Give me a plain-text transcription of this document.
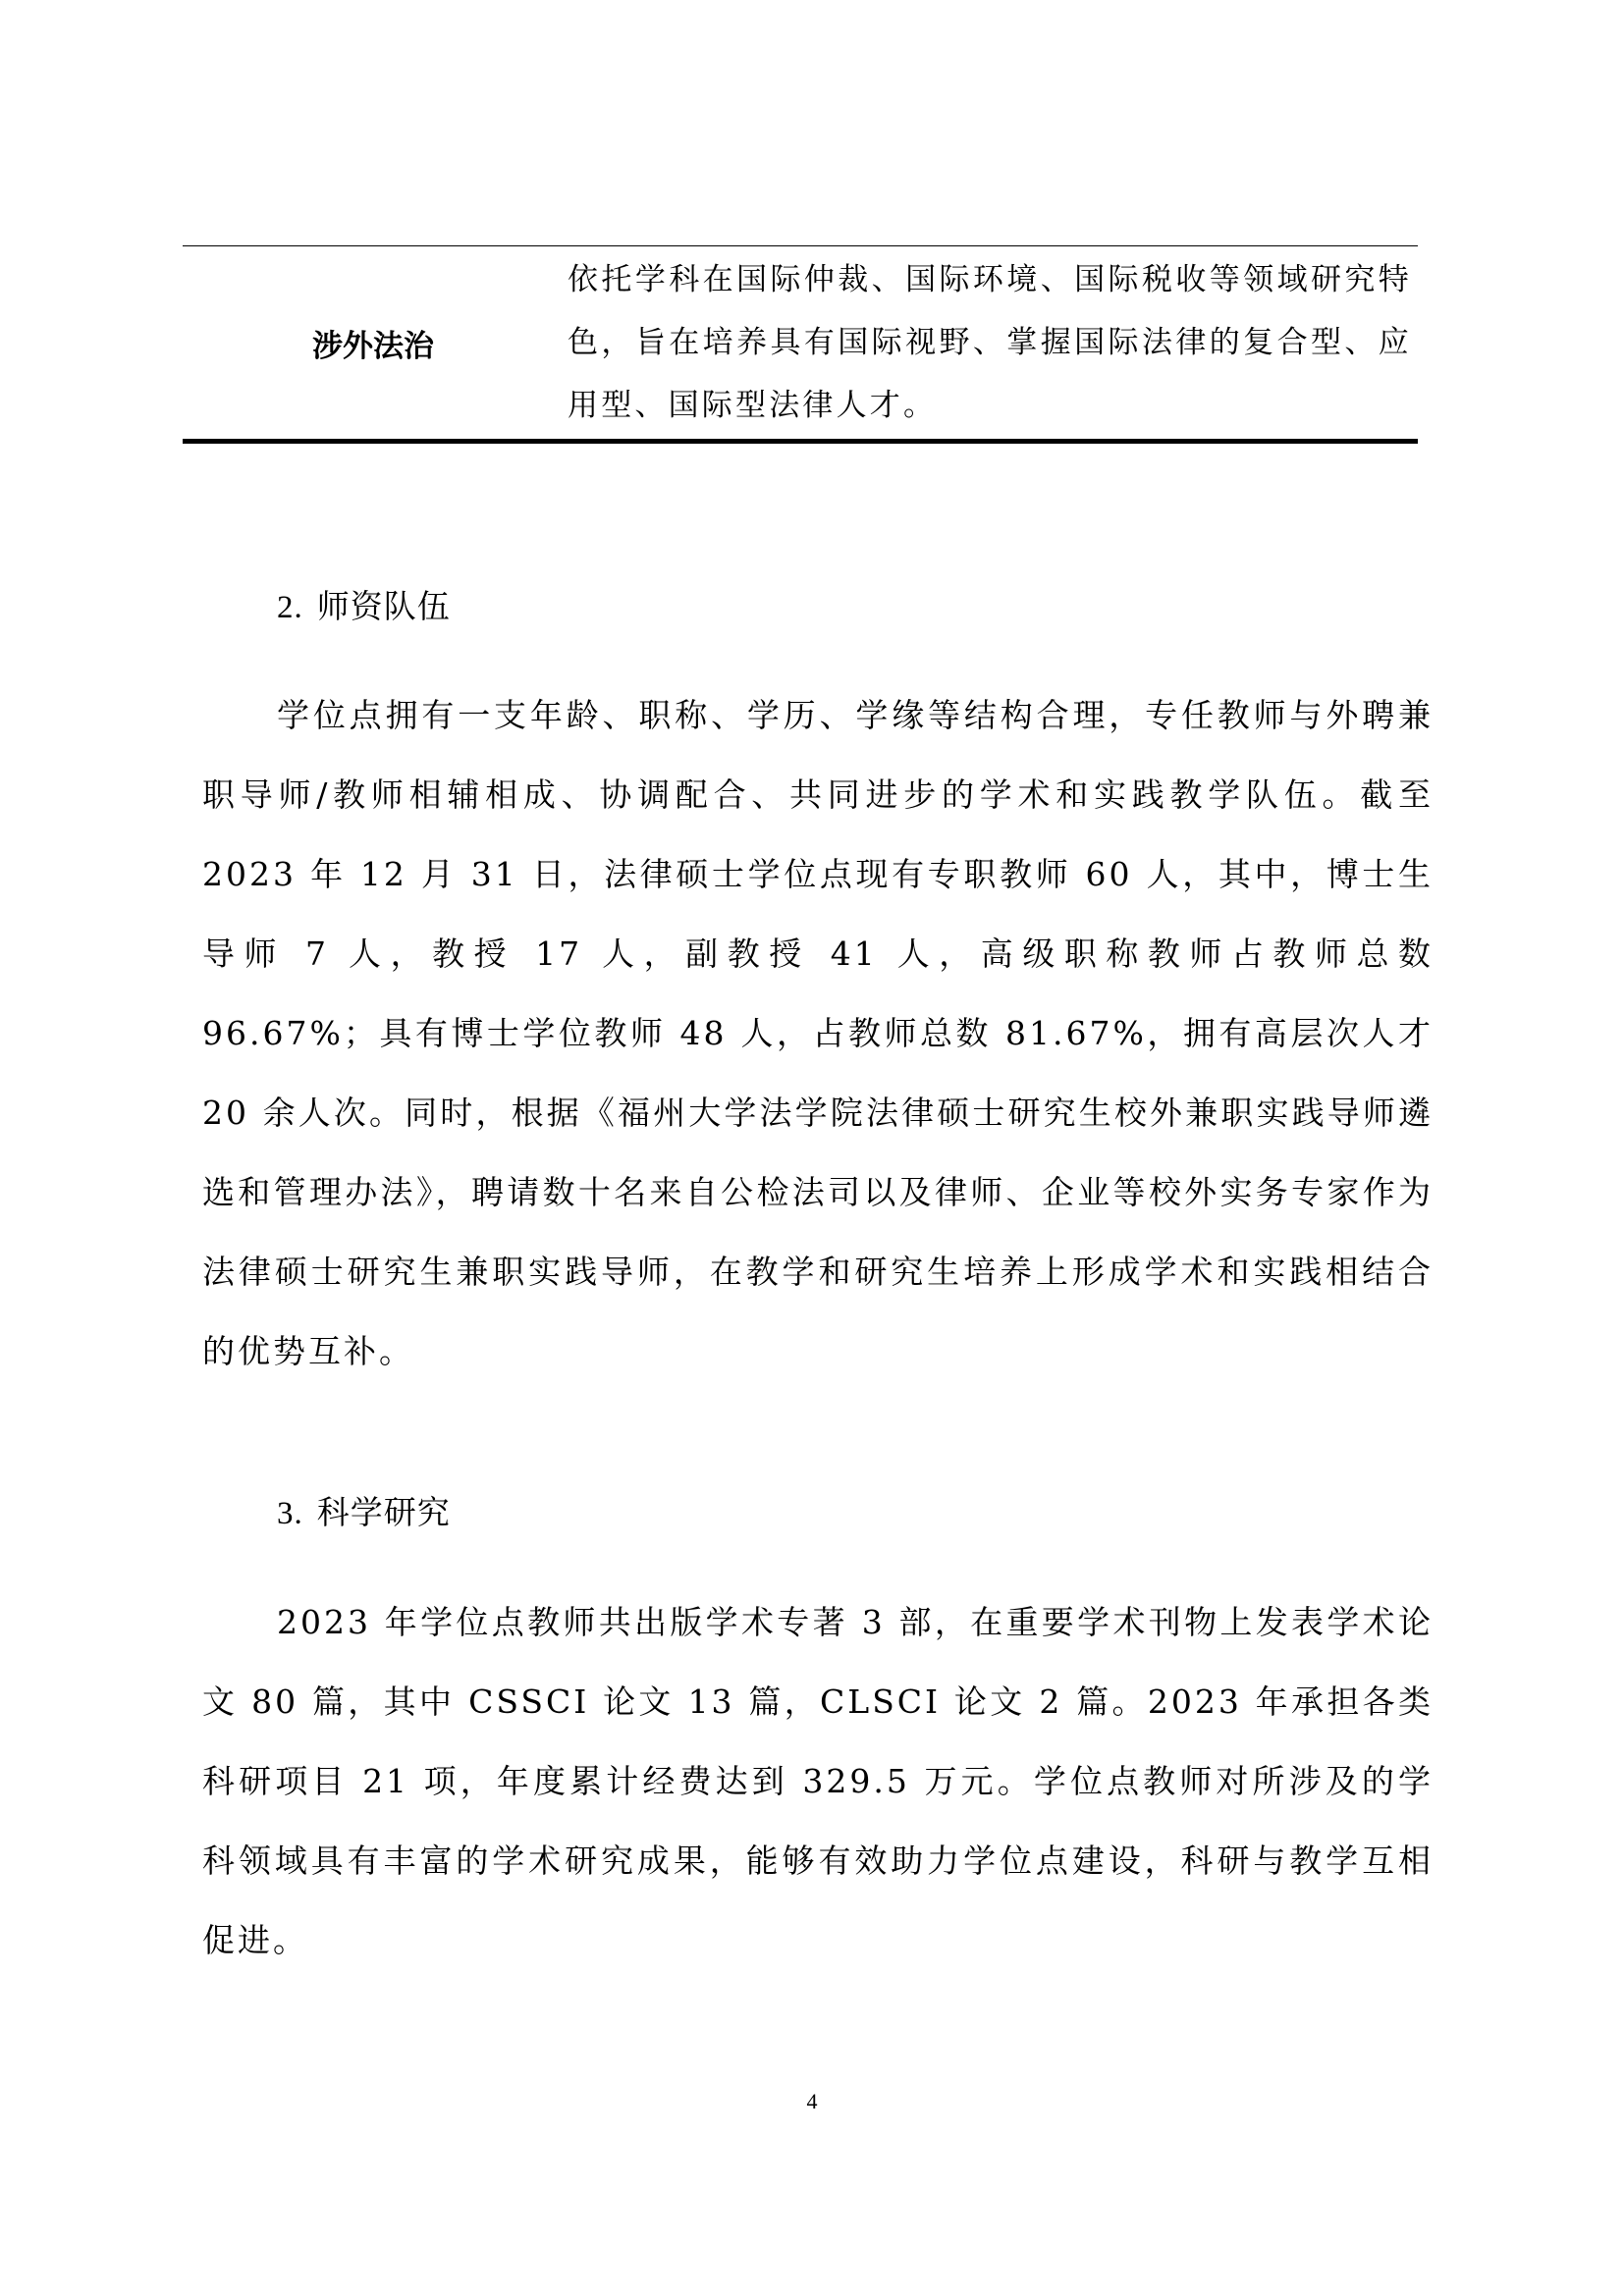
涉外法治
依托学科在国际仲裁、国际环境、国际税收等领域研究特色，旨在培养具有国际视野、掌握国际法律的复合型、应用型、国际型法律人才。
2. 师资队伍

学位点拥有一支年龄、职称、学历、学缘等结构合理，专任教师与外聘兼职导师/教师相辅相成、协调配合、共同进步的学术和实践教学队伍。截至 2023 年 12 月 31 日，法律硕士学位点现有专职教师 60 人，其中，博士生导师 7 人，教授 17 人，副教授 41 人，高级职称教师占教师总数 96.67%；具有博士学位教师 48 人，占教师总数 81.67%，拥有高层次人才 20 余人次。同时，根据《福州大学法学院法律硕士研究生校外兼职实践导师遴选和管理办法》，聘请数十名来自公检法司以及律师、企业等校外实务专家作为法律硕士研究生兼职实践导师，在教学和研究生培养上形成学术和实践相结合的优势互补。

3. 科学研究

2023 年学位点教师共出版学术专著 3 部，在重要学术刊物上发表学术论文 80 篇，其中 CSSCI 论文 13 篇，CLSCI 论文 2 篇。2023 年承担各类科研项目 21 项，年度累计经费达到 329.5 万元。学位点教师对所涉及的学科领域具有丰富的学术研究成果，能够有效助力学位点建设，科研与教学互相促进。

4
